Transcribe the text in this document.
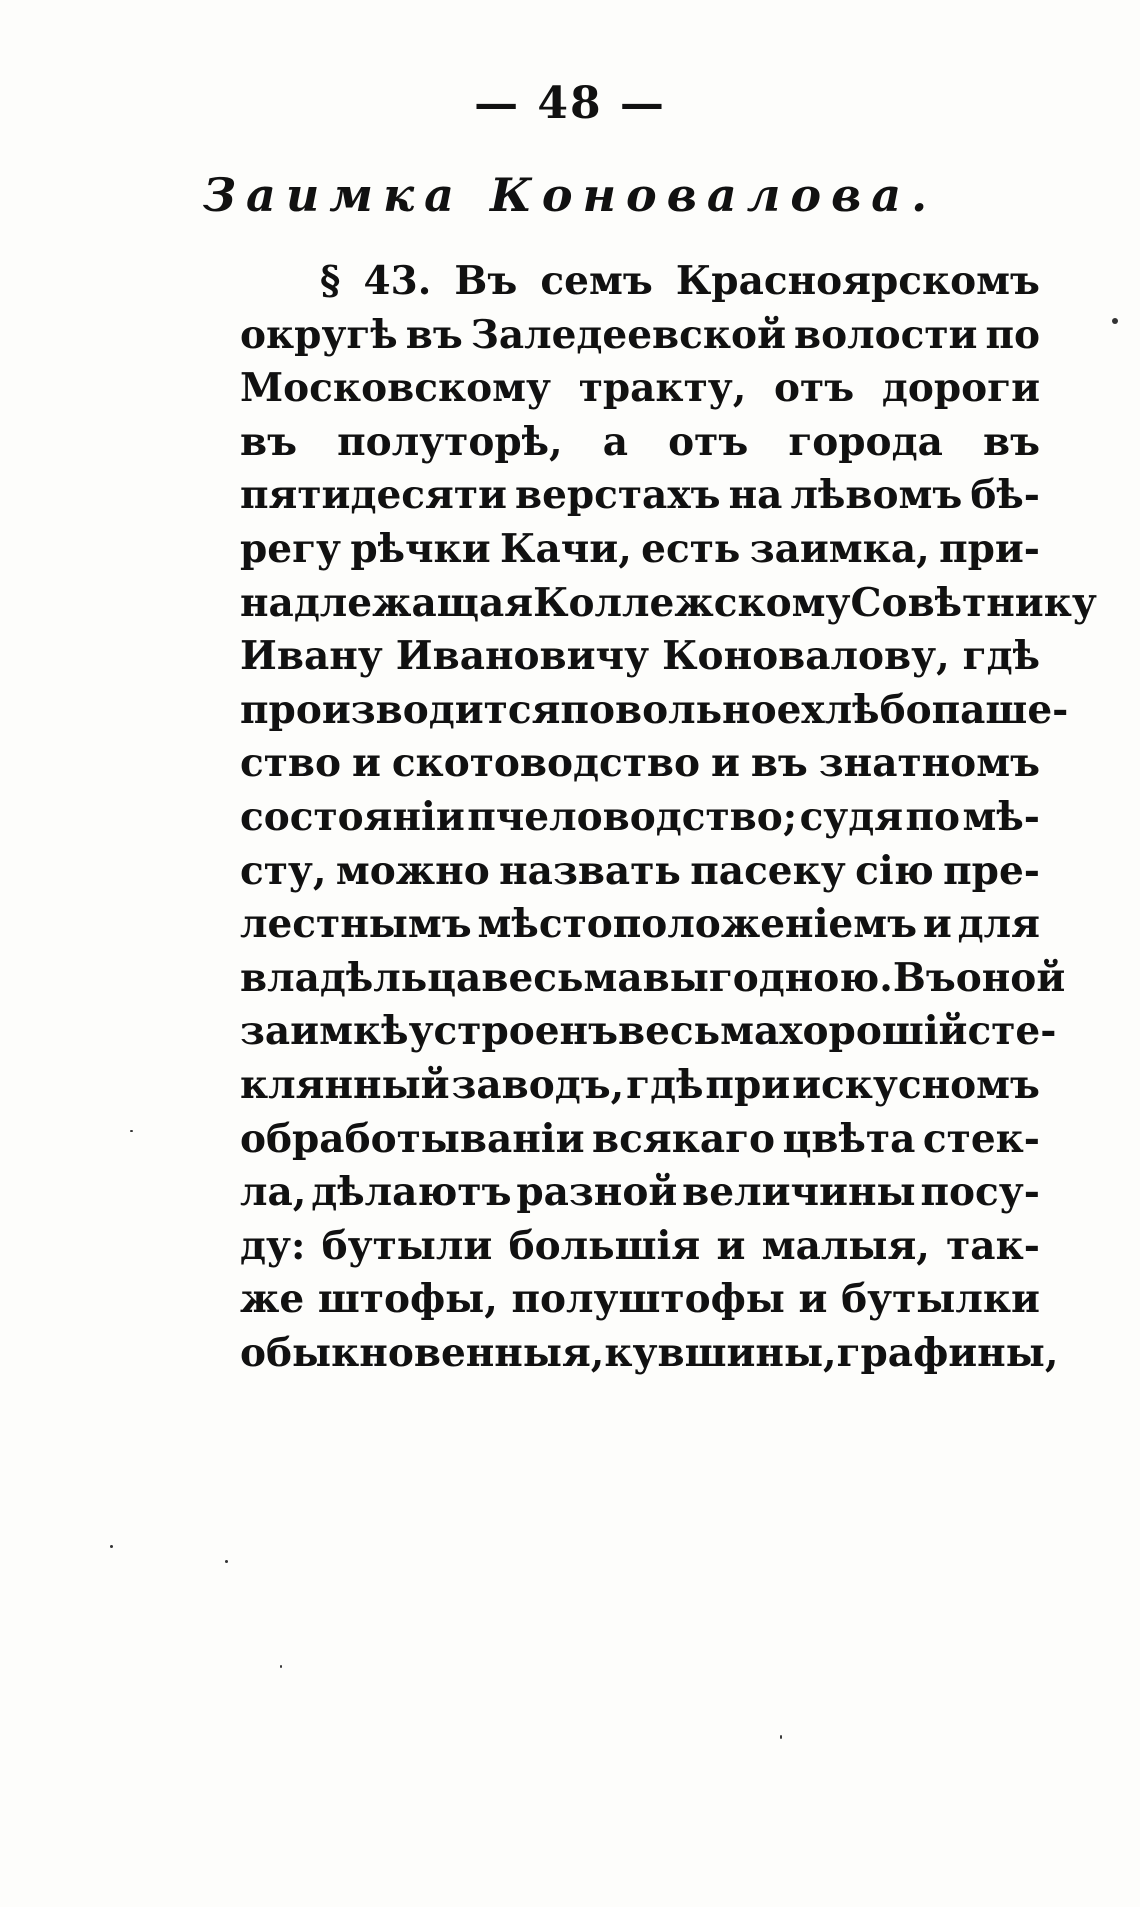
— 48 —
Заимка Коновалова.
§ 43. Въ семъ Красноярскомъ
округѣ въ Заледеевской волости по
Московскому тракту, отъ дороги
въ полуторѣ, а отъ города въ
пятидесяти верстахъ на лѣвомъ бѣ-
регу рѣчки Качи, есть заимка, при-
надлежащая Коллежскому Совѣтнику
Ивану Ивановичу Коновалову, гдѣ
производится повольное хлѣбопаше-
ство и скотоводство и въ знатномъ
состояніи пчеловодство; судя по мѣ-
сту, можно назвать пасеку сію пре-
лестнымъ мѣстоположеніемъ и для
владѣльца весьма выгодною. Въ оной
заимкѣ устроенъ весьма хорошій сте-
клянный заводъ, гдѣ при искусномъ
обработываніи всякаго цвѣта стек-
ла, дѣлаютъ разной величины посу-
ду: бутыли большія и малыя, так-
же штофы, полуштофы и бутылки
обыкновенныя, кувшины, графины,
